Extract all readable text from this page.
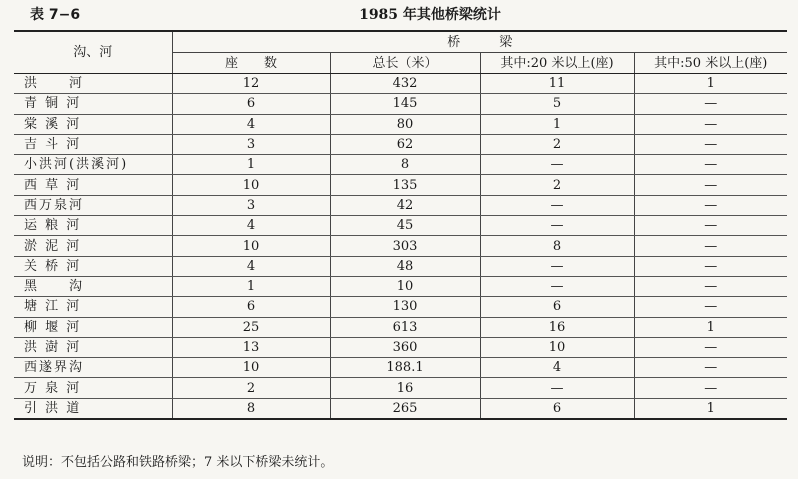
表 7−6	1985 年其他桥梁统计
沟、河	桥　　　梁			
	座　　数	总长（米）	其中:20 米以上(座)	其中:50 米以上(座)
洪　　河	12	432	11	1
青 铜 河	6	145	5	—
棠 溪 河	4	80	1	—
吉 斗 河	3	62	2	—
小洪河(洪溪河)	1	8	—	—
西 草 河	10	135	2	—
西万泉河	3	42	—	—
运 粮 河	4	45	—	—
淤 泥 河	10	303	8	—
关 桥 河	4	48	—	—
黑　　沟	1	10	—	—
塘 江 河	6	130	6	—
柳 堰 河	25	613	16	1
洪 澍 河	13	360	10	—
西遂界沟	10	188.1	4	—
万 泉 河	2	16	—	—
引 洪 道	8	265	6	1
说明：不包括公路和铁路桥梁；7 米以下桥梁未统计。
